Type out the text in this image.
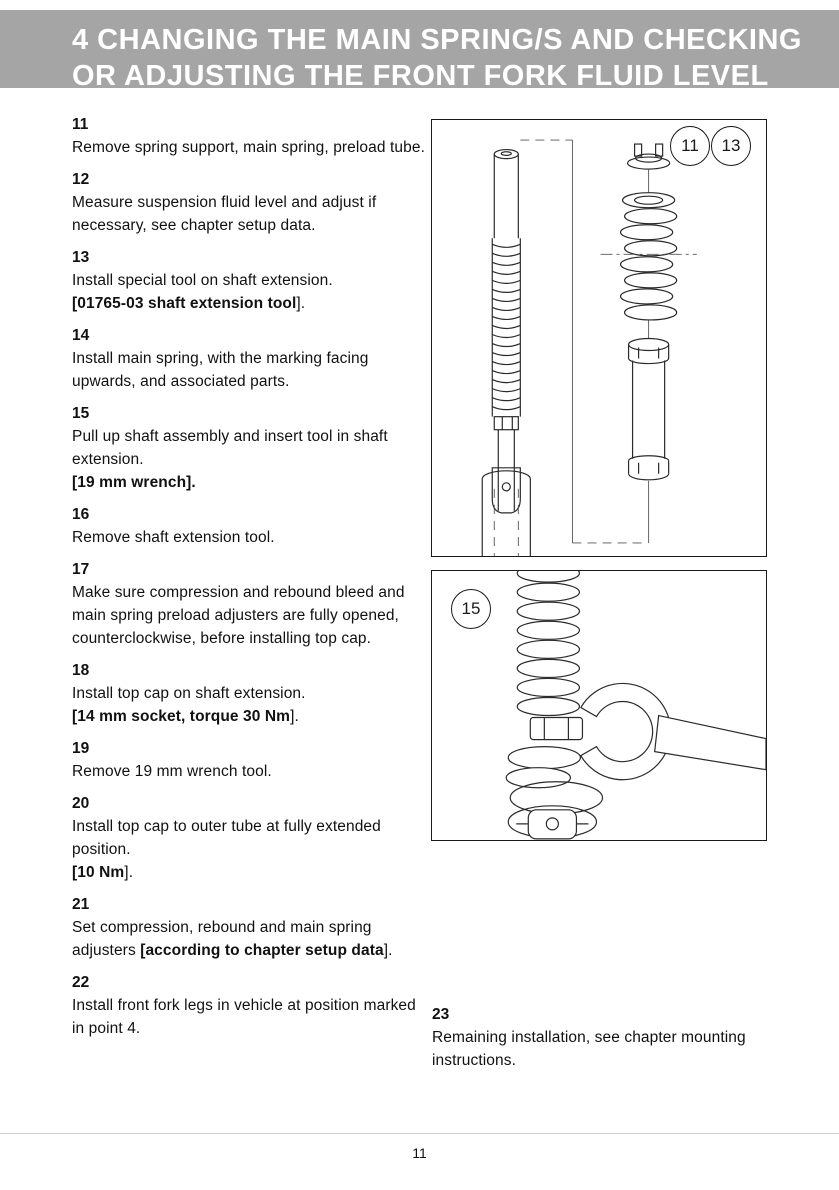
4 CHANGING THE MAIN SPRING/S AND CHECKING
OR ADJUSTING THE FRONT FORK FLUID LEVEL
11
Remove spring support, main spring, preload tube.
12
Measure suspension fluid level and adjust if necessary, see chapter setup data.
13
Install special tool on shaft extension.
[01765-03 shaft extension tool].
14
Install main spring, with the marking facing upwards, and associated parts.
15
Pull up shaft assembly and insert tool in shaft extension.
[19 mm wrench].
16
Remove shaft extension tool.
17
Make sure compression and rebound bleed and main spring preload adjusters are fully opened, counterclockwise, before installing top cap.
18
Install top cap on shaft extension.
[14 mm socket, torque 30 Nm].
19
Remove 19 mm wrench tool.
20
Install top cap to outer tube at fully extended position.
[10 Nm].
21
Set compression, rebound and main spring adjusters [according to chapter setup data].
22
Install front fork legs in vehicle at position marked in point 4.
11 13
15
23
Remaining installation, see chapter mounting instructions.
11
